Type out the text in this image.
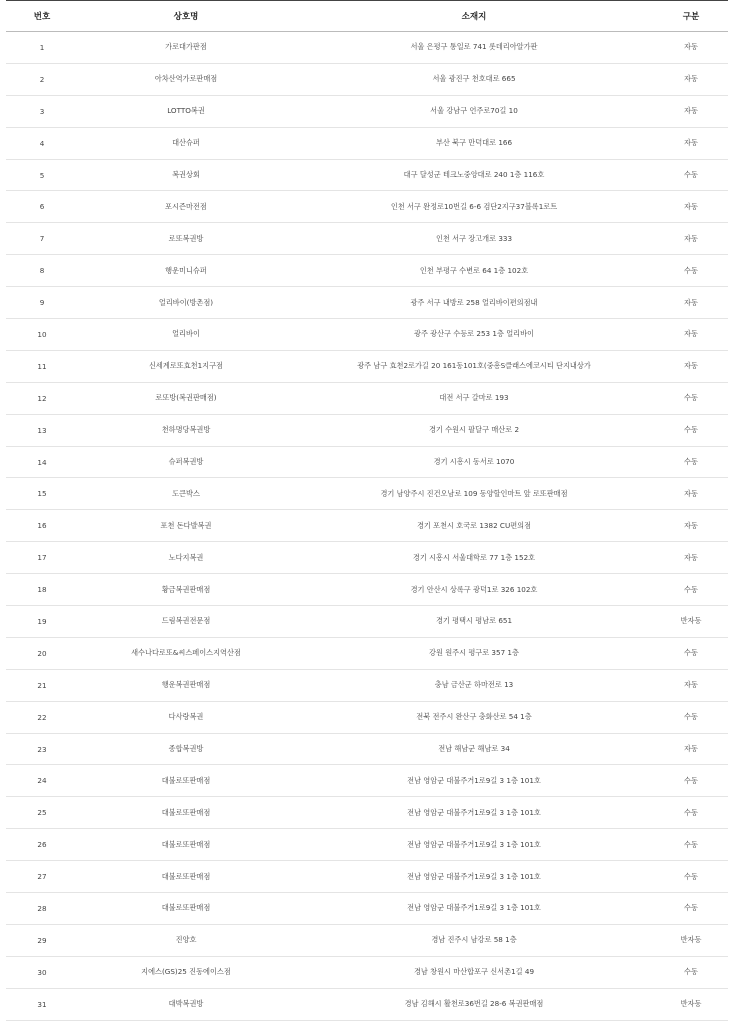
번호	상호명	소재지	구분
1	가로대가판점	서울 은평구 통일로 741 롯데리아알가판	자동
2	아차산역가로판매점	서울 광진구 천호대로 665	자동
3	LOTTO복권	서울 강남구 언주로70길 10	자동
4	대산슈퍼	부산 북구 만덕대로 166	자동
5	복권상회	대구 달성군 테크노중앙대로 240 1층 116호	수동
6	포시즌마전점	인천 서구 완정로10번길 6-6 검단2지구37블록1로트	자동
7	로또복권방	인천 서구 장고개로 333	자동
8	행운미니슈퍼	인천 부평구 수변로 64 1층 102호	수동
9	얼리바이(방촌점)	광주 서구 내방로 258 얼리바이편의점내	자동
10	얼리바이	광주 광산구 수등로 253 1층 얼리바이	자동
11	신세계로또효천1지구점	광주 남구 효천2로가길 20 161동101호(중흥S클래스에코시티 단지내상가	자동
12	로또방(복권판매점)	대전 서구 갈마로 193	수동
13	천하명당복권방	경기 수원시 팔달구 매산로 2	수동
14	슈퍼복권방	경기 시흥시 동서로 1070	수동
15	도큰박스	경기 남양주시 진건오남로 109 동양할인마트 앞 로또판매점	자동
16	포천 돈다발복권	경기 포천시 호국로 1382 CU편의점	자동
17	노다지복권	경기 시흥시 서울대학로 77 1층 152호	자동
18	황금복권판매점	경기 안산시 상록구 광덕1로 326 102호	수동
19	드림복권전문점	경기 평택시 평남로 651	반자동
20	새수나다로또&씨스페이스지역산점	강원 원주시 평구로 357 1층	수동
21	행운복권판매점	충남 금산군 하마전로 13	자동
22	다사랑복권	전북 전주시 완산구 충화산로 54 1층	수동
23	종합복권방	전남 해남군 해남로 34	자동
24	대불로또판매점	전남 영암군 대불주거1로9길 3 1층 101호	수동
25	대불로또판매점	전남 영암군 대불주거1로9길 3 1층 101호	수동
26	대불로또판매점	전남 영암군 대불주거1로9길 3 1층 101호	수동
27	대불로또판매점	전남 영암군 대불주거1로9길 3 1층 101호	수동
28	대불로또판매점	전남 영암군 대불주거1로9길 3 1층 101호	수동
29	진양호	경남 진주시 남강로 58 1층	반자동
30	지에스(GS)25 진동에이스점	경남 창원시 마산합포구 신서촌1길 49	수동
31	대박복권방	경남 김해시 활천로36번길 28-6 복권판매점	반자동
